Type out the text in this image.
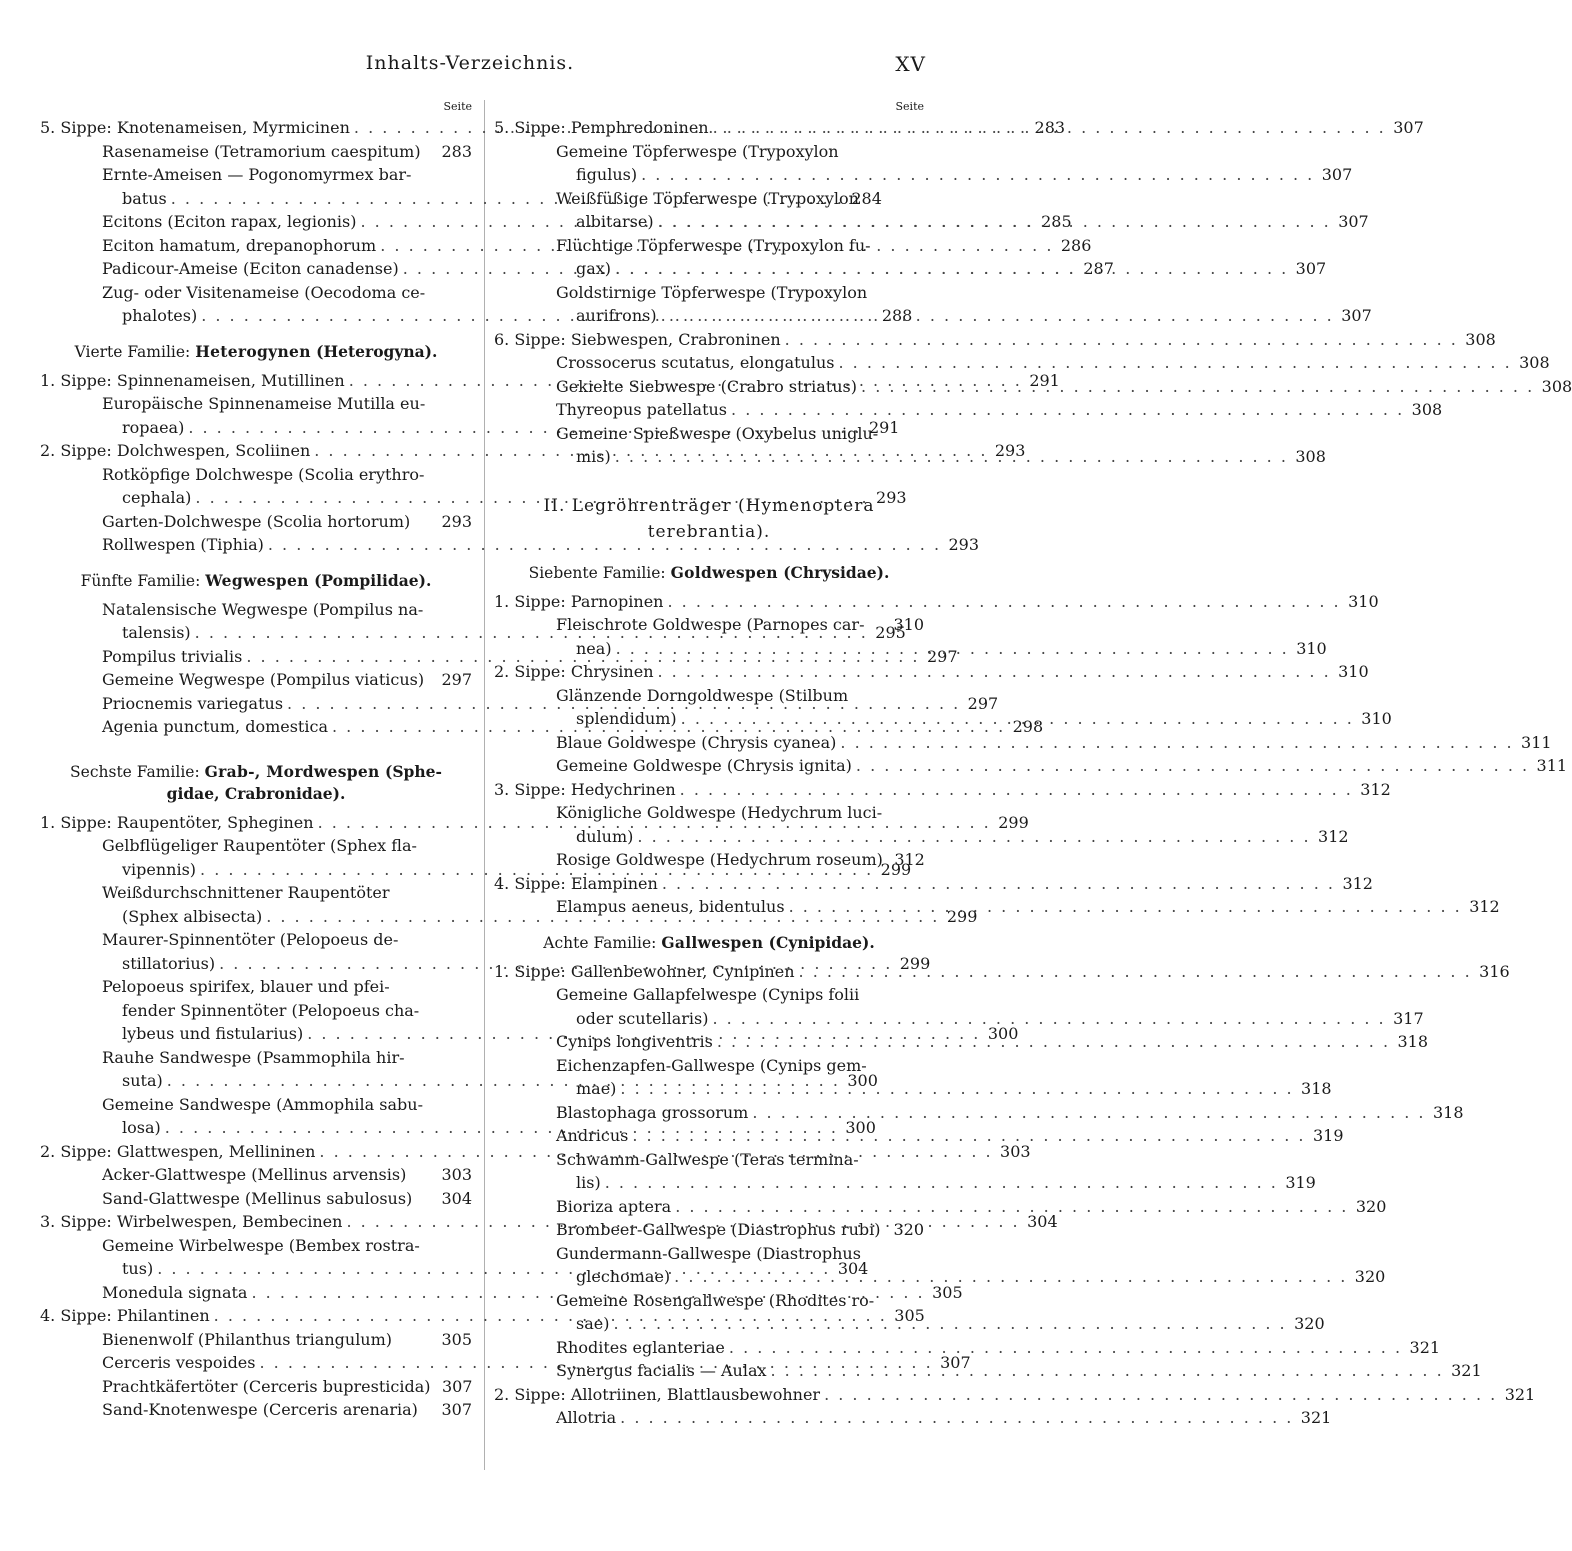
Inhalts-Verzeichnis.	XV
Seite
5. Sippe: Knotenameisen, Myrmicinen . . .	283
Rasenameise (Tetramorium caespitum) 283
Ernte-Ameisen — Pogonomyrmex bar-
batus . . .	284
Ecitons (Eciton rapax, legionis) . . .	285
Eciton hamatum, drepanophorum . . .	286
Padicour-Ameise (Eciton canadense) . . .	287
Zug- oder Visitenameise (Oecodoma ce-
phalotes) . . .	288
Vierte Familie: Heterogynen (Heterogyna).
1. Sippe: Spinnenameisen, Mutillinen . . .	291
Europäische Spinnenameise Mutilla eu-
ropaea) . . .	291
2. Sippe: Dolchwespen, Scoliinen . . .	293
Rotköpfige Dolchwespe (Scolia erythro-
cephala) . . .	293
Garten-Dolchwespe (Scolia hortorum) 293
Rollwespen (Tiphia) . . .	293
Fünfte Familie: Wegwespen (Pompilidae).
Natalensische Wegwespe (Pompilus na-
talensis) . . .	295
Pompilus trivialis . . .	297
Gemeine Wegwespe (Pompilus viaticus) 297
Priocnemis variegatus . . .	297
Agenia punctum, domestica . . .	298
Sechste Familie: Grab-, Mordwespen (Sphe-
gidae, Crabronidae).
1. Sippe: Raupentöter, Spheginen . . .	299
Gelbflügeliger Raupentöter (Sphex fla-
vipennis) . . .	299
Weißdurchschnittener Raupentöter
(Sphex albisecta) . . .	299
Maurer-Spinnentöter (Pelopoeus de-
stillatorius) . . .	299
Pelopoeus spirifex, blauer und pfei-
fender Spinnentöter (Pelopoeus cha-
lybeus und fistularius) . . .	300
Rauhe Sandwespe (Psammophila hir-
suta) . . .	300
Gemeine Sandwespe (Ammophila sabu-
losa) . . .	300
2. Sippe: Glattwespen, Mellininen . . .	303
Acker-Glattwespe (Mellinus arvensis) 303
Sand-Glattwespe (Mellinus sabulosus) 304
3. Sippe: Wirbelwespen, Bembecinen . . .	304
Gemeine Wirbelwespe (Bembex rostra-
tus) . . .	304
Monedula signata . . .	305
4. Sippe: Philantinen . . .	305
Bienenwolf (Philanthus triangulum)	305
Cerceris vespoides . . .	307
Prachtkäfertöter (Cerceris bupresticida) 307
Sand-Knotenwespe (Cerceris arenaria) 307
Seite
5. Sippe: Pemphredoninen . . .	307
Gemeine Töpferwespe (Trypoxylon
figulus) . . .	307
Weißfüßige Töpferwespe (Trypoxylon
albitarse) . . .	307
Flüchtige Töpferwespe (Trypoxylon fu-
gax) . . .	307
Goldstirnige Töpferwespe (Trypoxylon
aurifrons) . . .	307
6. Sippe: Siebwespen, Crabroninen . . .	308
Crossocerus scutatus, elongatulus . . .	308
Gekielte Siebwespe (Crabro striatus) . . .	308
Thyreopus patellatus . . .	308
Gemeine Spießwespe (Oxybelus uniglu-
mis) . . .	308
II. Legröhrenträger (Hymenoptera
terebrantia).
Siebente Familie: Goldwespen (Chrysidae).
1. Sippe: Parnopinen . . .	310
Fleischrote Goldwespe (Parnopes car- 310
nea) . . .	310
2. Sippe: Chrysinen . . .	310
Glänzende Dorngoldwespe (Stilbum
splendidum) . . .	310
Blaue Goldwespe (Chrysis cyanea) . . .	311
Gemeine Goldwespe (Chrysis ignita) . . .	311
3. Sippe: Hedychrinen . . .	312
Königliche Goldwespe (Hedychrum luci-
dulum) . . .	312
Rosige Goldwespe (Hedychrum roseum) 312
4. Sippe: Elampinen . . .	312
Elampus aeneus, bidentulus . . .	312
Achte Familie: Gallwespen (Cynipidae).
1. Sippe: Gallenbewohner, Cynipinen . . .	316
Gemeine Gallapfelwespe (Cynips folii
oder scutellaris) . . .	317
Cynips longiventris . . .	318
Eichenzapfen-Gallwespe (Cynips gem-
mae) . . .	318
Blastophaga grossorum . . .	318
Andricus . . .	319
Schwamm-Gallwespe (Teras termina-
lis) . . .	319
Bioriza aptera . . .	320
Brombeer-Gallwespe (Diastrophus rubi) 320
Gundermann-Gallwespe (Diastrophus
glechomae) . . .	320
Gemeine Rosengallwespe (Rhodites ro-
sae) . . .	320
Rhodites eglanteriae . . .	321
Synergus facialis — Aulax . . .	321
2. Sippe: Allotriinen, Blattlausbewohner . . .	321
Allotria . . .	321
